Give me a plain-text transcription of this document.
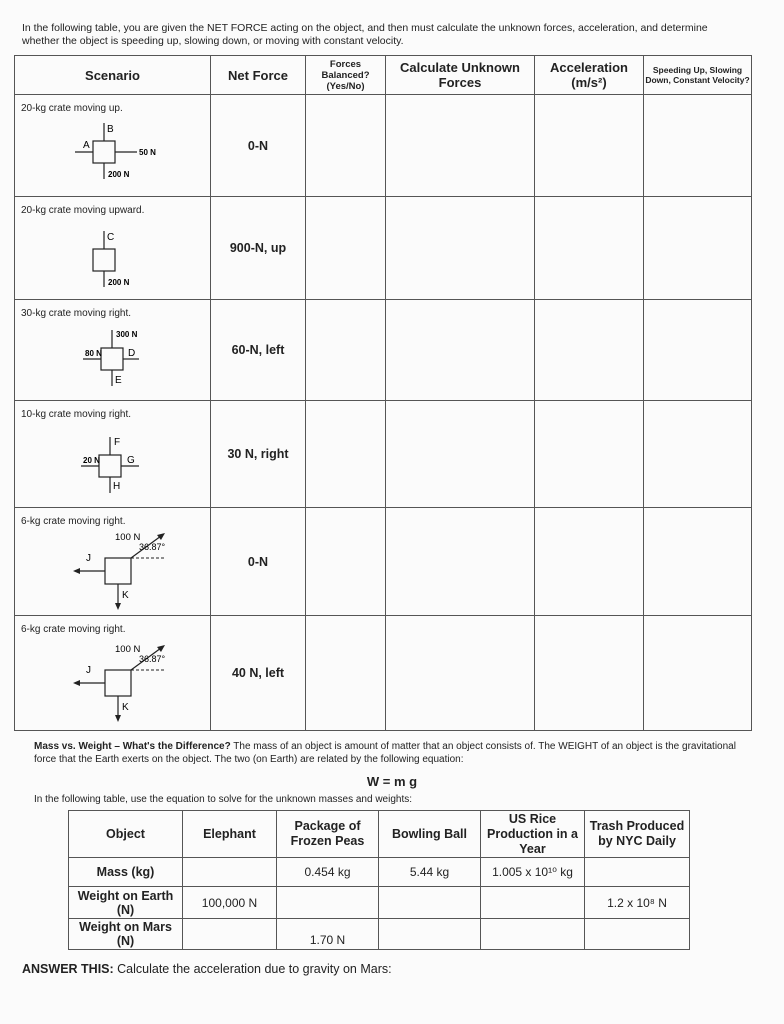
In the following table, you are given the NET FORCE acting on the object, and then must calculate the unknown forces, acceleration, and determine whether the object is speeding up, slowing down, or moving with constant velocity.
Scenario	Net Force	Forces Balanced? (Yes/No)	Calculate Unknown Forces	Acceleration
(m/s²)	Speeding Up, Slowing Down, Constant Velocity?

20-kg crate moving up.
B
A
50 N
200 N	0-N				

20-kg crate moving upward.
C
200 N	900-N, up				

30-kg crate moving right.
300 N
80 N D
E	60-N, left				

10-kg crate moving right.
F
20 N G
H	30 N, right				

6-kg crate moving right.
100 N
36.87°
J
K	0-N				

6-kg crate moving right.
100 N
36.87°
J
K	40 N, left				
Mass vs. Weight – What's the Difference? The mass of an object is amount of matter that an object consists of. The WEIGHT of an object is the gravitational force that the Earth exerts on the object. The two (on Earth) are related by the following equation:
W = m g
In the following table, use the equation to solve for the unknown masses and weights:
Object	Elephant	Package of Frozen Peas	Bowling Ball	US Rice Production in a Year	Trash Produced by NYC Daily
Mass (kg)		0.454 kg	5.44 kg	1.005 x 10¹⁰ kg	
Weight on Earth (N)	100,000 N				1.2 x 10⁸ N
Weight on Mars (N)		1.70 N			
ANSWER THIS: Calculate the acceleration due to gravity on Mars:
